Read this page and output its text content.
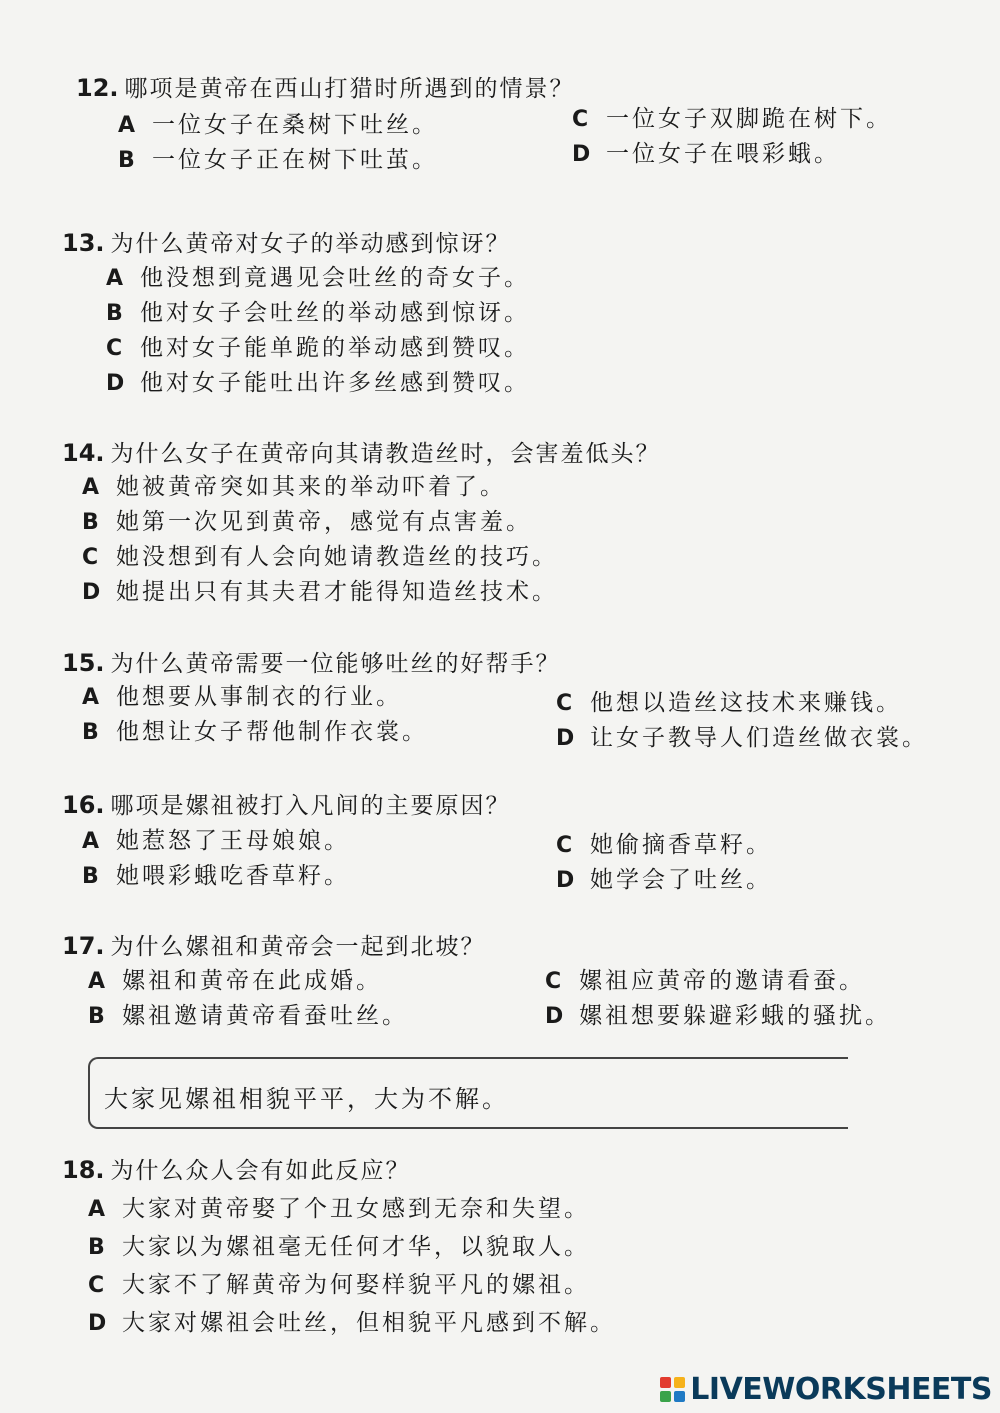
12. 哪项是黄帝在西山打猎时所遇到的情景？
A 一位女子在桑树下吐丝。
B 一位女子正在树下吐茧。
C 一位女子双脚跪在树下。
D 一位女子在喂彩蛾。
13. 为什么黄帝对女子的举动感到惊讶？
A 他没想到竟遇见会吐丝的奇女子。
B 他对女子会吐丝的举动感到惊讶。
C 他对女子能单跪的举动感到赞叹。
D 他对女子能吐出许多丝感到赞叹。
14. 为什么女子在黄帝向其请教造丝时，会害羞低头？
A 她被黄帝突如其来的举动吓着了。
B 她第一次见到黄帝，感觉有点害羞。
C 她没想到有人会向她请教造丝的技巧。
D 她提出只有其夫君才能得知造丝技术。
15. 为什么黄帝需要一位能够吐丝的好帮手？
A 他想要从事制衣的行业。
B 他想让女子帮他制作衣裳。
C 他想以造丝这技术来赚钱。
D 让女子教导人们造丝做衣裳。
16. 哪项是嫘祖被打入凡间的主要原因？
A 她惹怒了王母娘娘。
B 她喂彩蛾吃香草籽。
C 她偷摘香草籽。
D 她学会了吐丝。
17. 为什么嫘祖和黄帝会一起到北坡？
A 嫘祖和黄帝在此成婚。
B 嫘祖邀请黄帝看蚕吐丝。
C 嫘祖应黄帝的邀请看蚕。
D 嫘祖想要躲避彩蛾的骚扰。
大家见嫘祖相貌平平，大为不解。
18. 为什么众人会有如此反应？
A 大家对黄帝娶了个丑女感到无奈和失望。
B 大家以为嫘祖毫无任何才华，以貌取人。
C 大家不了解黄帝为何娶样貌平凡的嫘祖。
D 大家对嫘祖会吐丝，但相貌平凡感到不解。
LIVEWORKSHEETS
